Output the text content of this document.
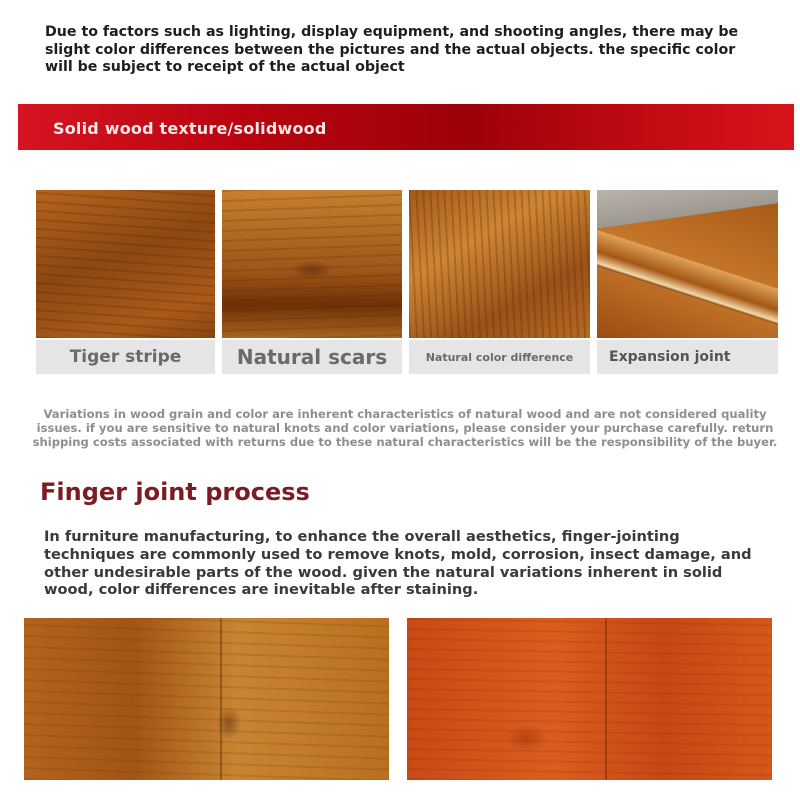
Due to factors such as lighting, display equipment, and shooting angles, there may be slight color differences between the pictures and the actual objects. the specific color will be subject to receipt of the actual object
Solid wood texture/solidwood
Tiger stripe	Natural scars	Natural color difference	Expansion joint
Variations in wood grain and color are inherent characteristics of natural wood and are not considered quality issues. if you are sensitive to natural knots and color variations, please consider your purchase carefully. return shipping costs associated with returns due to these natural characteristics will be the responsibility of the buyer.
Finger joint process
In furniture manufacturing, to enhance the overall aesthetics, finger-jointing techniques are commonly used to remove knots, mold, corrosion, insect damage, and other undesirable parts of the wood. given the natural variations inherent in solid wood, color differences are inevitable after staining.
